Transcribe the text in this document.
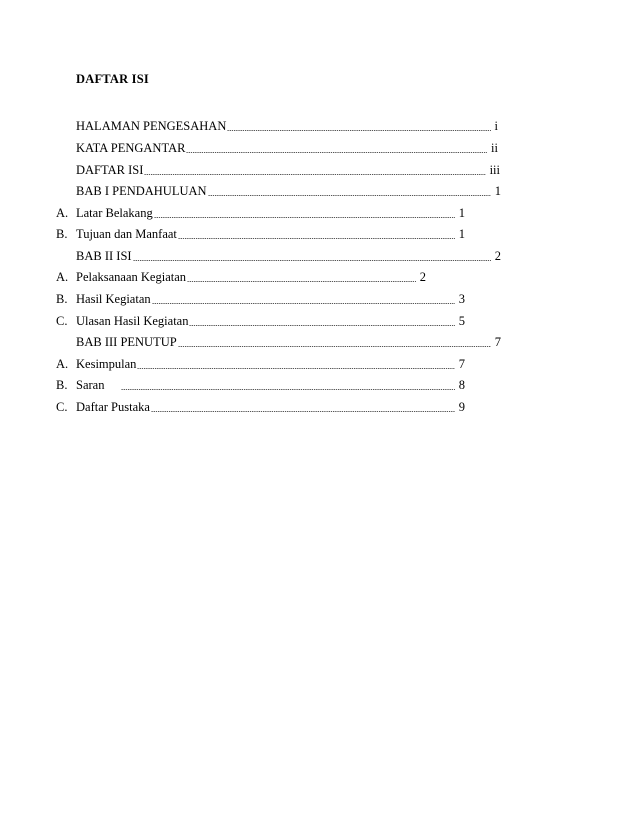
DAFTAR ISI
HALAMAN PENGESAHAN	i
KATA PENGANTAR	ii
DAFTAR ISI	iii
BAB I PENDAHULUAN	1
A. Latar Belakang	1
B. Tujuan dan Manfaat	1
BAB II ISI	2
A. Pelaksanaan Kegiatan	2
B. Hasil Kegiatan	3
C. Ulasan Hasil Kegiatan	5
BAB III PENUTUP	7
A. Kesimpulan	7
B. Saran	8
C. Daftar Pustaka	9
